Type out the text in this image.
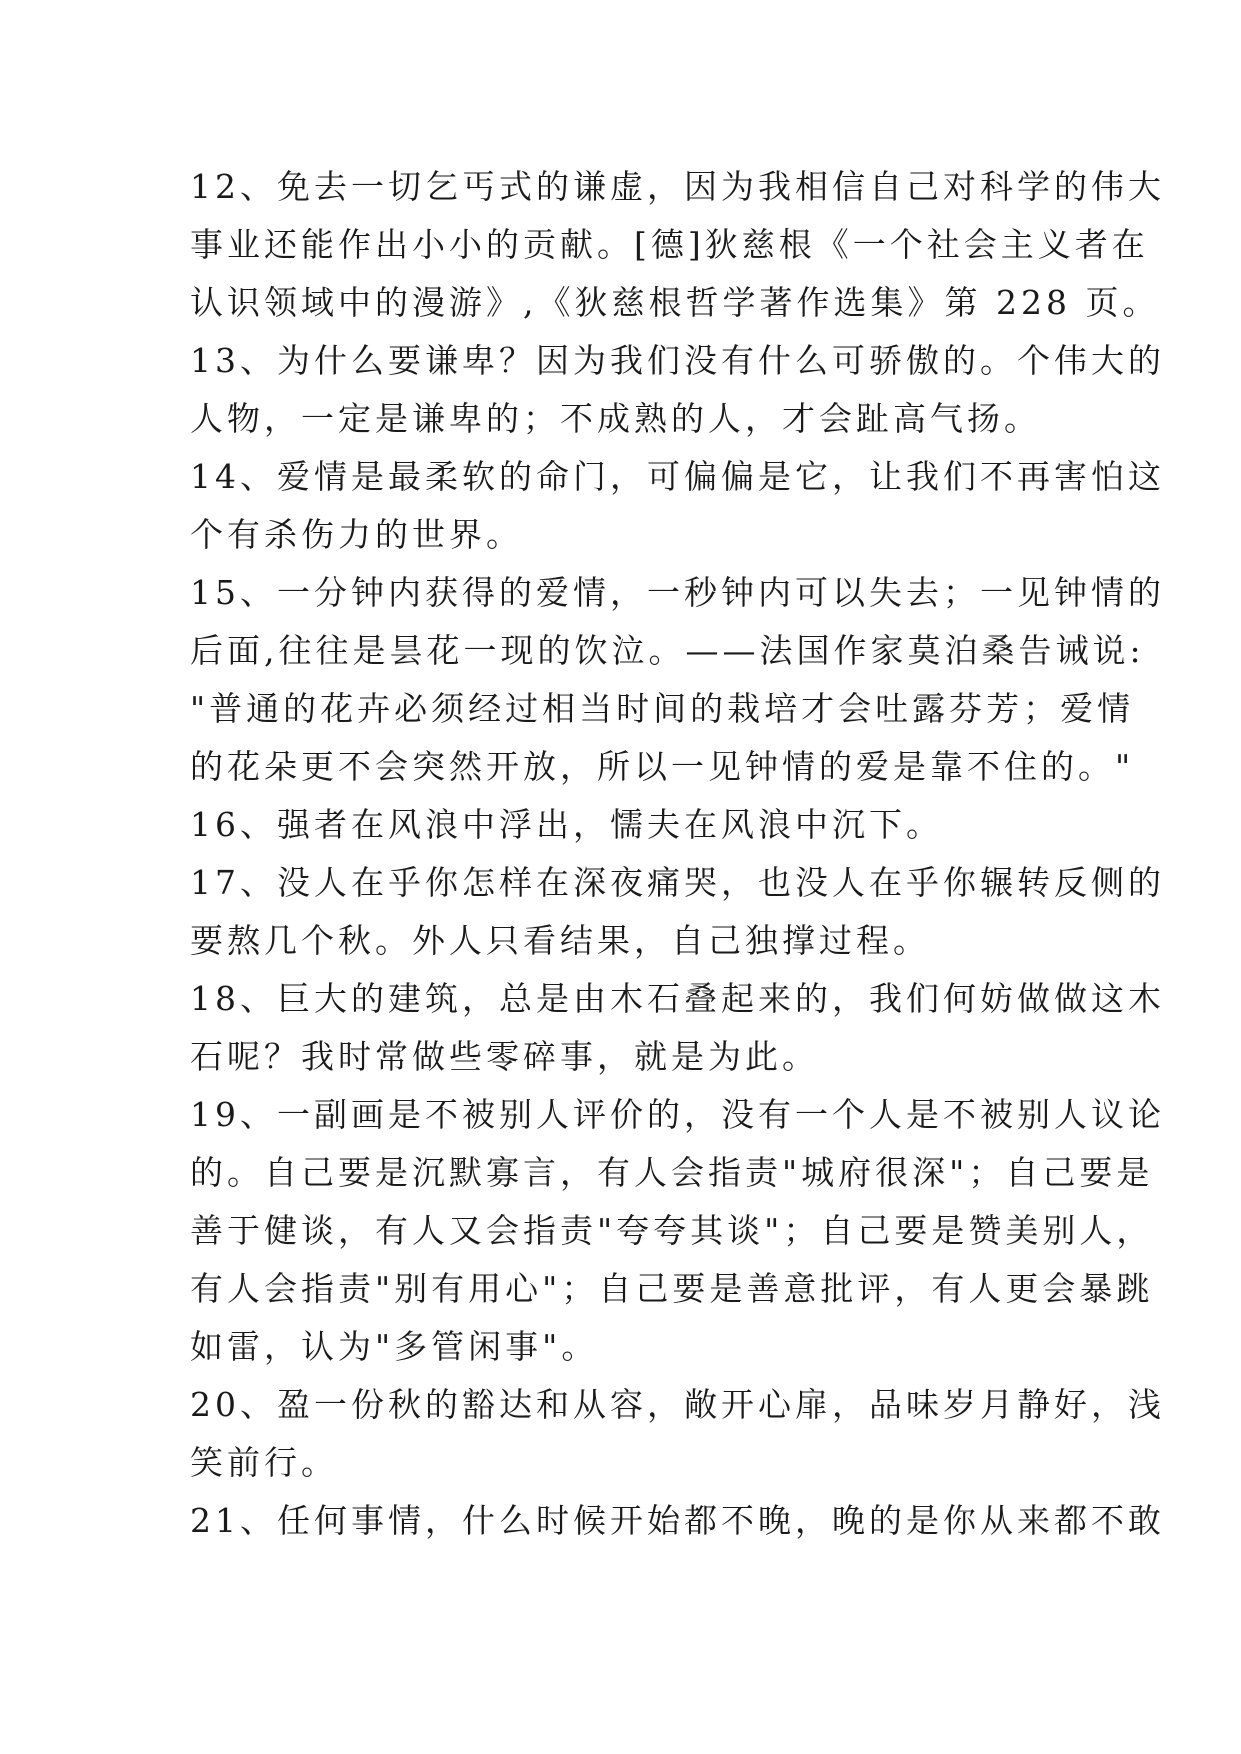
12、免去一切乞丐式的谦虚，因为我相信自己对科学的伟大
事业还能作出小小的贡献。[德]狄慈根《一个社会主义者在
认识领域中的漫游》,《狄慈根哲学著作选集》第 228 页。
13、为什么要谦卑？因为我们没有什么可骄傲的。个伟大的
人物，一定是谦卑的；不成熟的人，才会趾高气扬。
14、爱情是最柔软的命门，可偏偏是它，让我们不再害怕这
个有杀伤力的世界。
15、一分钟内获得的爱情，一秒钟内可以失去；一见钟情的
后面,往往是昙花一现的饮泣。——法国作家莫泊桑告诫说:
"普通的花卉必须经过相当时间的栽培才会吐露芬芳；爱情
的花朵更不会突然开放，所以一见钟情的爱是靠不住的。"
16、强者在风浪中浮出，懦夫在风浪中沉下。
17、没人在乎你怎样在深夜痛哭，也没人在乎你辗转反侧的
要熬几个秋。外人只看结果，自己独撑过程。
18、巨大的建筑，总是由木石叠起来的，我们何妨做做这木
石呢？我时常做些零碎事，就是为此。
19、一副画是不被别人评价的，没有一个人是不被别人议论
的。自己要是沉默寡言，有人会指责"城府很深"；自己要是
善于健谈，有人又会指责"夸夸其谈"；自己要是赞美别人，
有人会指责"别有用心"；自己要是善意批评，有人更会暴跳
如雷，认为"多管闲事"。
20、盈一份秋的豁达和从容，敞开心扉，品味岁月静好，浅
笑前行。
21、任何事情，什么时候开始都不晚，晚的是你从来都不敢
